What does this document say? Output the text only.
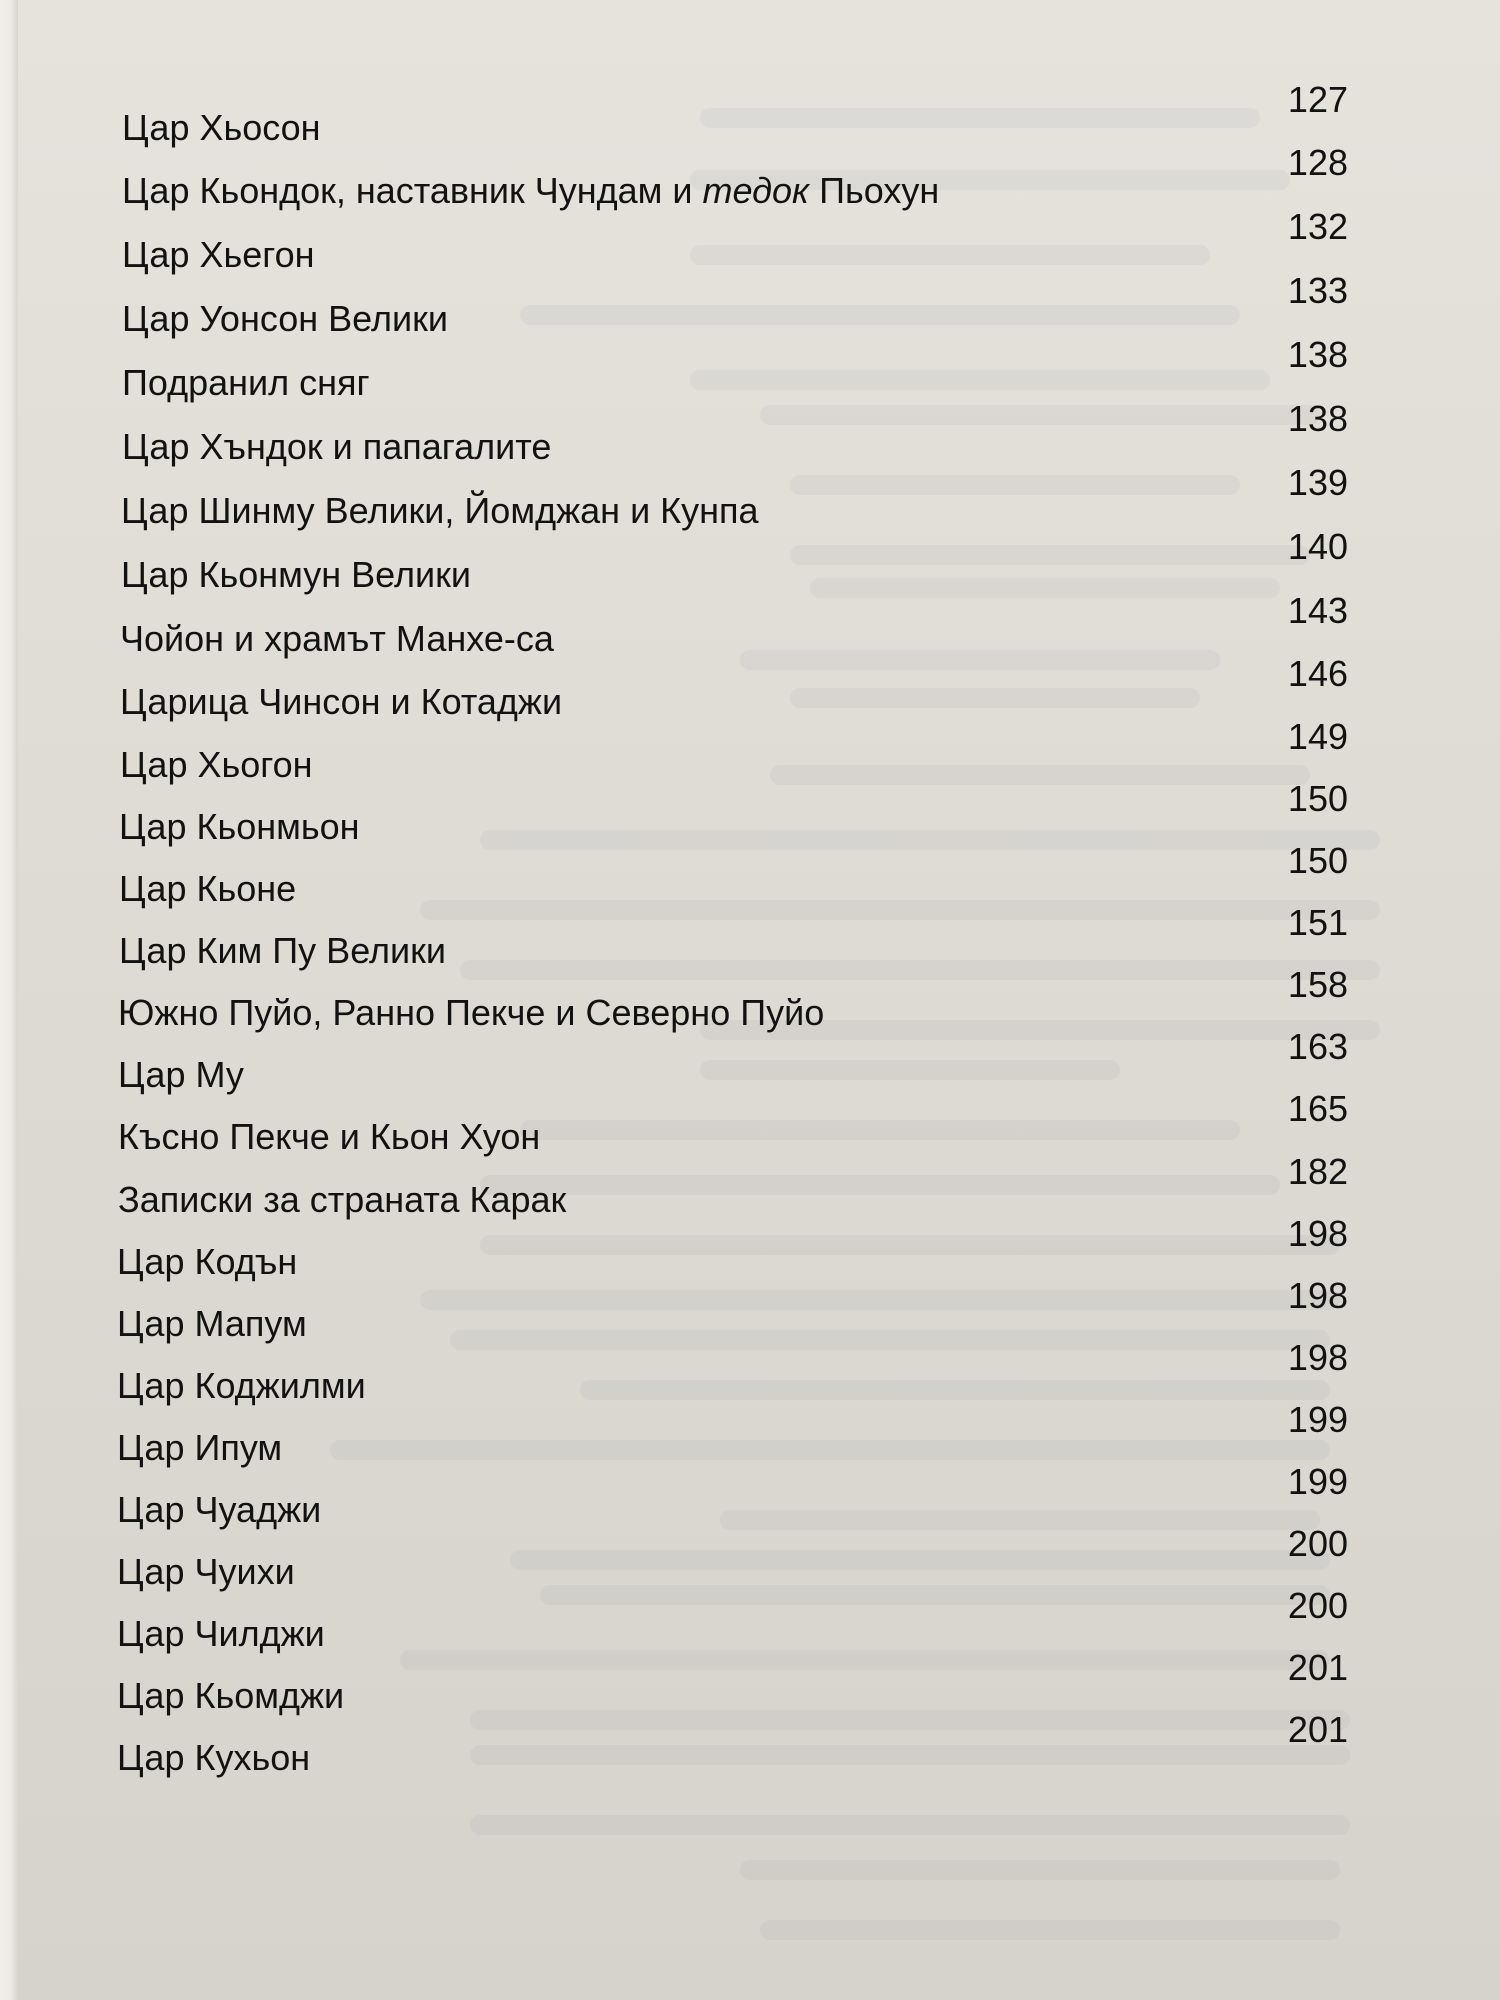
Цар Хьосон
127
Цар Кьондок, наставник Чундам и тедок Пьохун
128
Цар Хьегон
132
Цар Уонсон Велики
133
Подранил сняг
138
Цар Хъндок и папагалите
138
Цар Шинму Велики, Йомджан и Кунпа
139
Цар Кьонмун Велики
140
Чойон и храмът Манхе-са
143
Царица Чинсон и Котаджи
146
Цар Хьогон
149
Цар Кьонмьон
150
Цар Кьоне
150
Цар Ким Пу Велики
151
Южно Пуйо, Ранно Пекче и Северно Пуйо
158
Цар Му
163
Късно Пекче и Кьон Хуон
165
Записки за страната Карак
182
Цар Кодън
198
Цар Мапум
198
Цар Коджилми
198
Цар Ипум
199
Цар Чуаджи
199
Цар Чуихи
200
Цар Чилджи
200
Цар Кьомджи
201
Цар Кухьон
201
